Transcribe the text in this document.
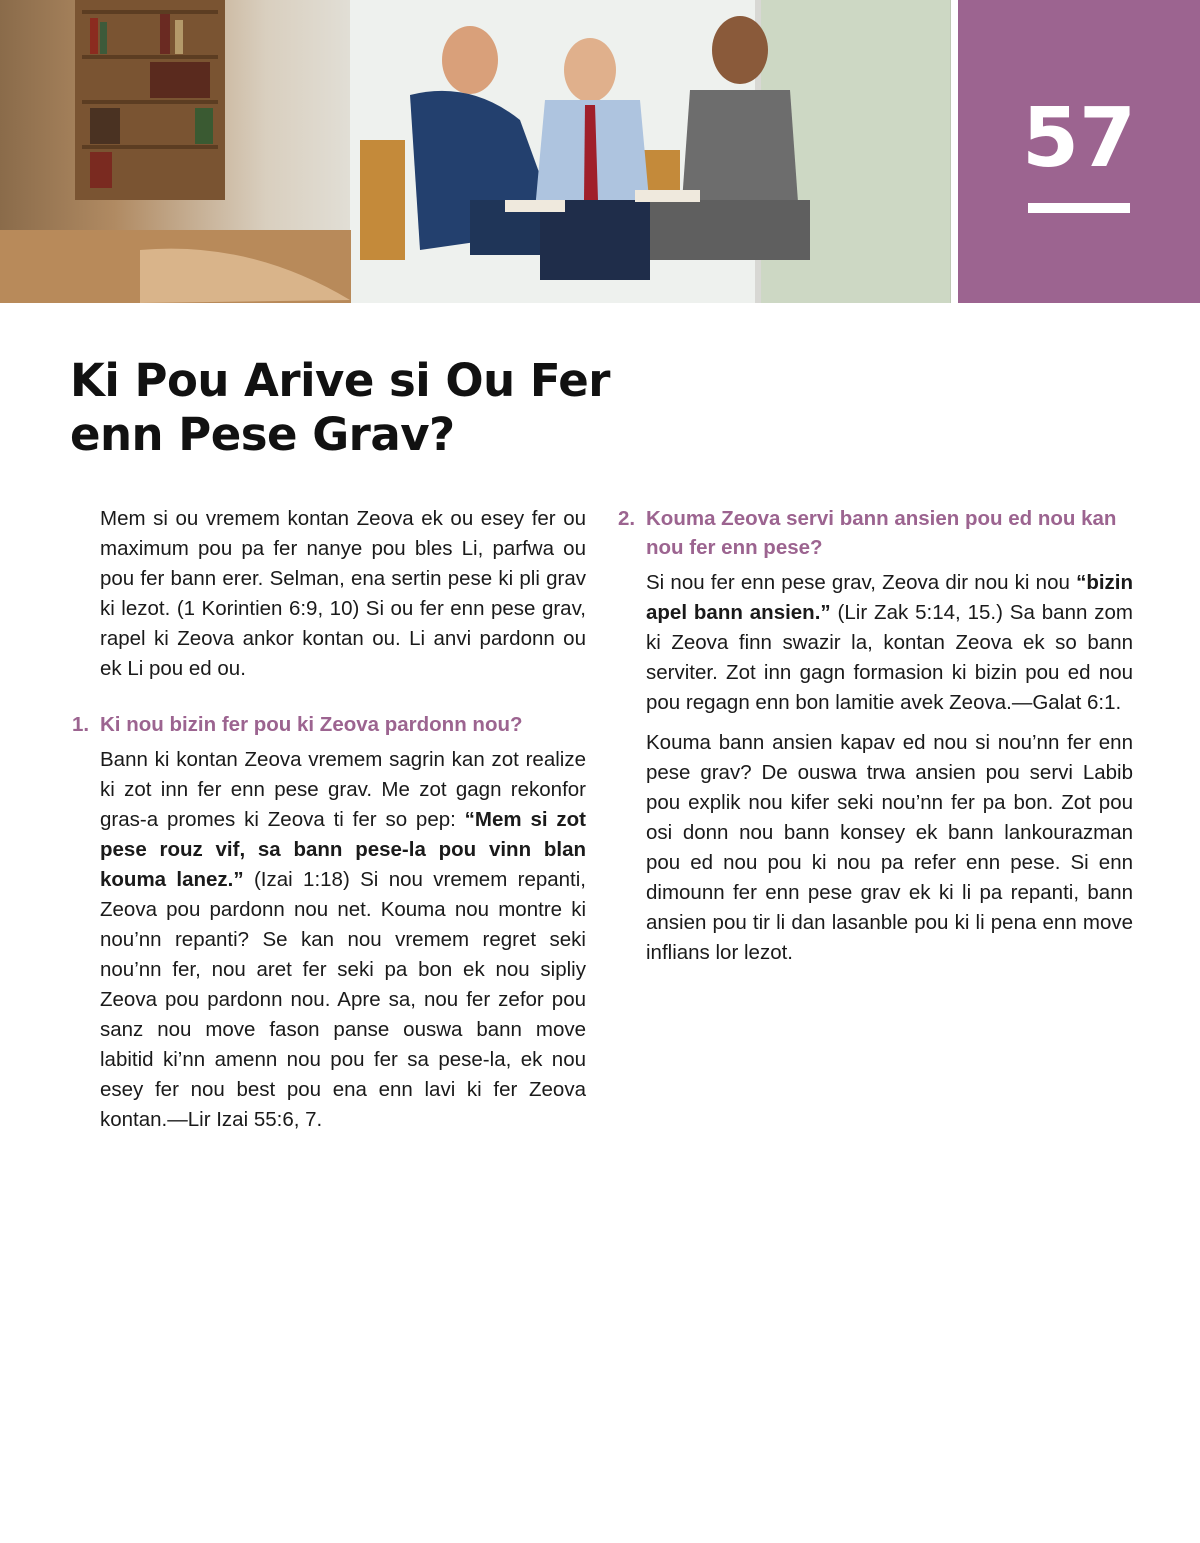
57
Ki Pou Arive si Ou Fer enn Pese Grav?

Mem si ou vremem kontan Zeova ek ou esey fer ou maximum pou pa fer nanye pou bles Li, parfwa ou pou fer bann erer. Selman, ena sertin pese ki pli grav ki lezot. (1 Korintien 6:9, 10) Si ou fer enn pese grav, rapel ki Zeova ankor kontan ou. Li anvi pardonn ou ek Li pou ed ou.

1. Ki nou bizin fer pou ki Zeova pardonn nou?

Bann ki kontan Zeova vremem sagrin kan zot realize ki zot inn fer enn pese grav. Me zot gagn rekonfor gras-a promes ki Zeova ti fer so pep: “Mem si zot pese rouz vif, sa bann pese-la pou vinn blan kouma lanez.” (Izai 1:18) Si nou vremem repanti, Zeova pou pardonn nou net. Kouma nou montre ki nou’nn repanti? Se kan nou vremem regret seki nou’nn fer, nou aret fer seki pa bon ek nou sipliy Zeova pou pardonn nou. Apre sa, nou fer zefor pou sanz nou move fason panse ouswa bann move labitid ki’nn amenn nou pou fer sa pese-la, ek nou esey fer nou best pou ena enn lavi ki fer Zeova kontan.—Lir Izai 55:6, 7.

2. Kouma Zeova servi bann ansien pou ed nou kan nou fer enn pese?

Si nou fer enn pese grav, Zeova dir nou ki nou “bizin apel bann ansien.” (Lir Zak 5:14, 15.) Sa bann zom ki Zeova finn swazir la, kontan Zeova ek so bann serviter. Zot inn gagn formasion ki bizin pou ed nou pou regagn enn bon lamitie avek Zeova.—Galat 6:1.

Kouma bann ansien kapav ed nou si nou’nn fer enn pese grav? De ouswa trwa ansien pou servi Labib pou explik nou kifer seki nou’nn fer pa bon. Zot pou osi donn nou bann konsey ek bann lankourazman pou ed nou pou ki nou pa refer enn pese. Si enn dimounn fer enn pese grav ek ki li pa repanti, bann ansien pou tir li dan lasanble pou ki li pena enn move inflians lor lezot.
